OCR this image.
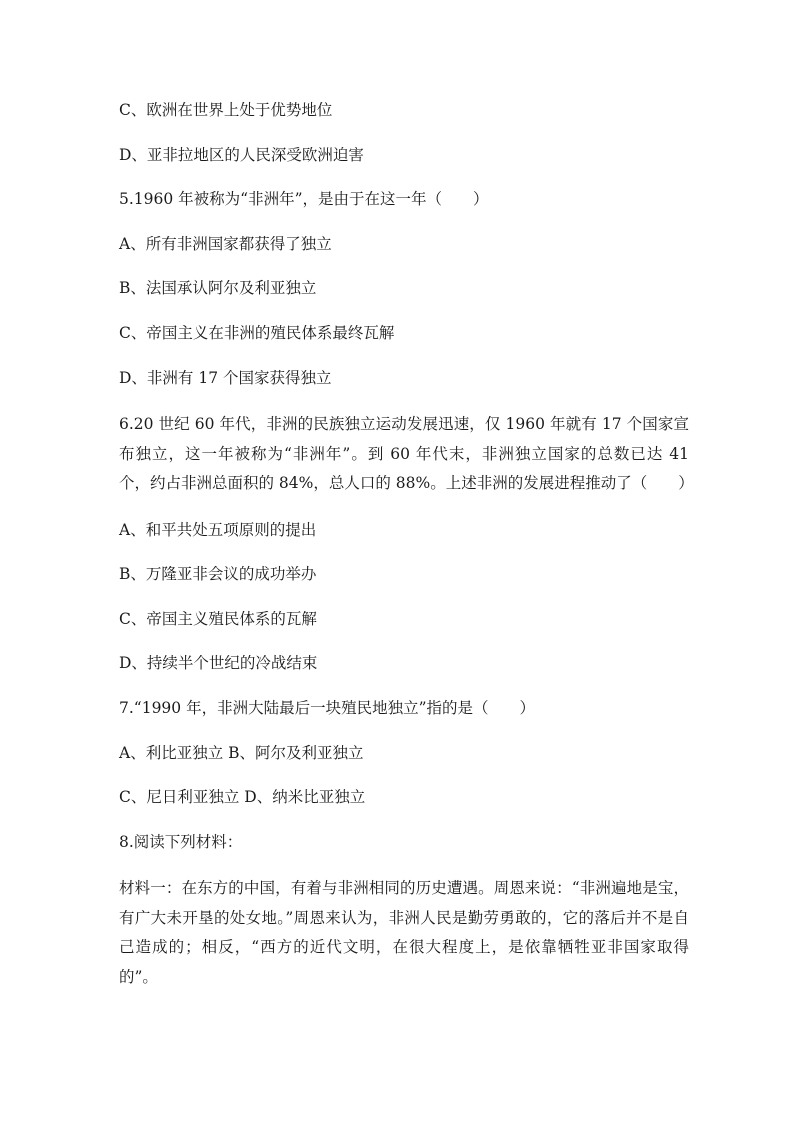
C、欧洲在世界上处于优势地位

D、亚非拉地区的人民深受欧洲迫害

5.1960 年被称为“非洲年”，是由于在这一年（　　）

A、所有非洲国家都获得了独立

B、法国承认阿尔及利亚独立

C、帝国主义在非洲的殖民体系最终瓦解

D、非洲有 17 个国家获得独立

6.20 世纪 60 年代，非洲的民族独立运动发展迅速，仅 1960 年就有 17 个国家宣布独立，这一年被称为“非洲年”。到 60 年代末，非洲独立国家的总数已达 41 个，约占非洲总面积的 84%，总人口的 88%。上述非洲的发展进程推动了（　　）

A、和平共处五项原则的提出

B、万隆亚非会议的成功举办

C、帝国主义殖民体系的瓦解

D、持续半个世纪的冷战结束

7.“1990 年，非洲大陆最后一块殖民地独立”指的是（　　）

A、利比亚独立 B、阿尔及利亚独立

C、尼日利亚独立 D、纳米比亚独立

8.阅读下列材料：

材料一：在东方的中国，有着与非洲相同的历史遭遇。周恩来说：“非洲遍地是宝，有广大未开垦的处女地。”周恩来认为，非洲人民是勤劳勇敢的，它的落后并不是自己造成的；相反，“西方的近代文明，在很大程度上，是依靠牺牲亚非国家取得的”。
